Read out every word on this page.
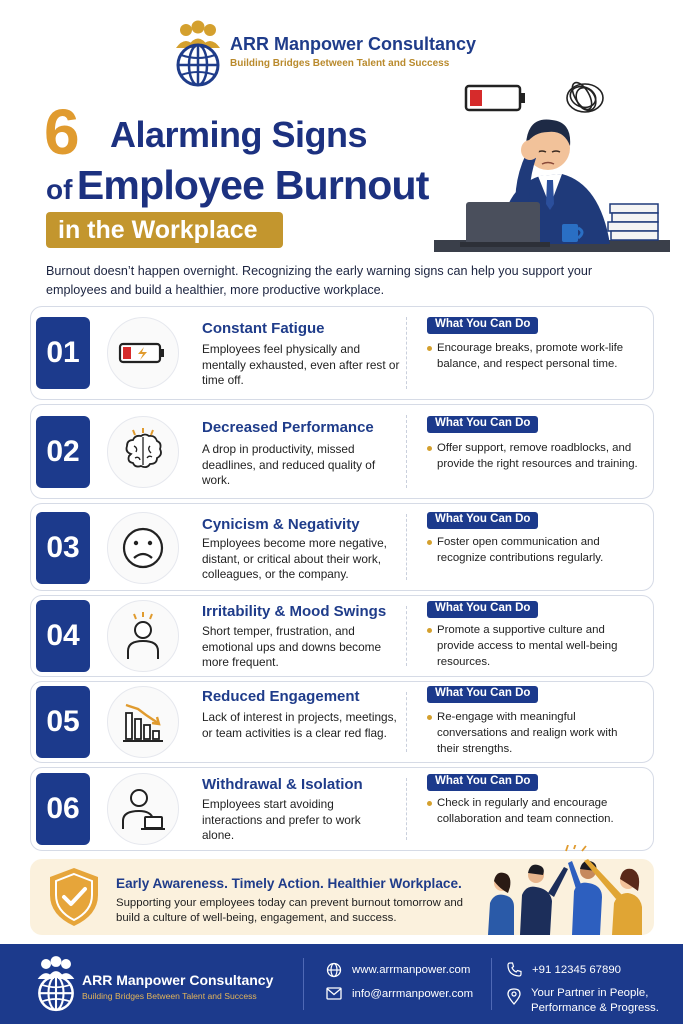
ARR Manpower Consultancy
Building Bridges Between Talent and Success
6 Alarming Signs
of Employee Burnout
in the Workplace
Burnout doesn’t happen overnight. Recognizing the early warning signs can help you support your employees and build a healthier, more productive workplace.
01
Constant Fatigue
Employees feel physically and mentally exhausted, even after rest or time off.
What You Can Do
Encourage breaks, promote work-life balance, and respect personal time.
02
Decreased Performance
A drop in productivity, missed deadlines, and reduced quality of work.
What You Can Do
Offer support, remove roadblocks, and provide the right resources and training.
03
Cynicism & Negativity
Employees become more negative, distant, or critical about their work, colleagues, or the company.
What You Can Do
Foster open communication and recognize contributions regularly.
04
Irritability & Mood Swings
Short temper, frustration, and emotional ups and downs become more frequent.
What You Can Do
Promote a supportive culture and provide access to mental well-being resources.
05
Reduced Engagement
Lack of interest in projects, meetings, or team activities is a clear red flag.
What You Can Do
Re-engage with meaningful conversations and realign work with their strengths.
06
Withdrawal & Isolation
Employees start avoiding interactions and prefer to work alone.
What You Can Do
Check in regularly and encourage collaboration and team connection.
Early Awareness. Timely Action. Healthier Workplace.
Supporting your employees today can prevent burnout tomorrow and build a culture of well-being, engagement, and success.
ARR Manpower Consultancy
Building Bridges Between Talent and Success
www.arrmanpower.com
info@arrmanpower.com
+91 12345 67890
Your Partner in People,
Performance & Progress.
